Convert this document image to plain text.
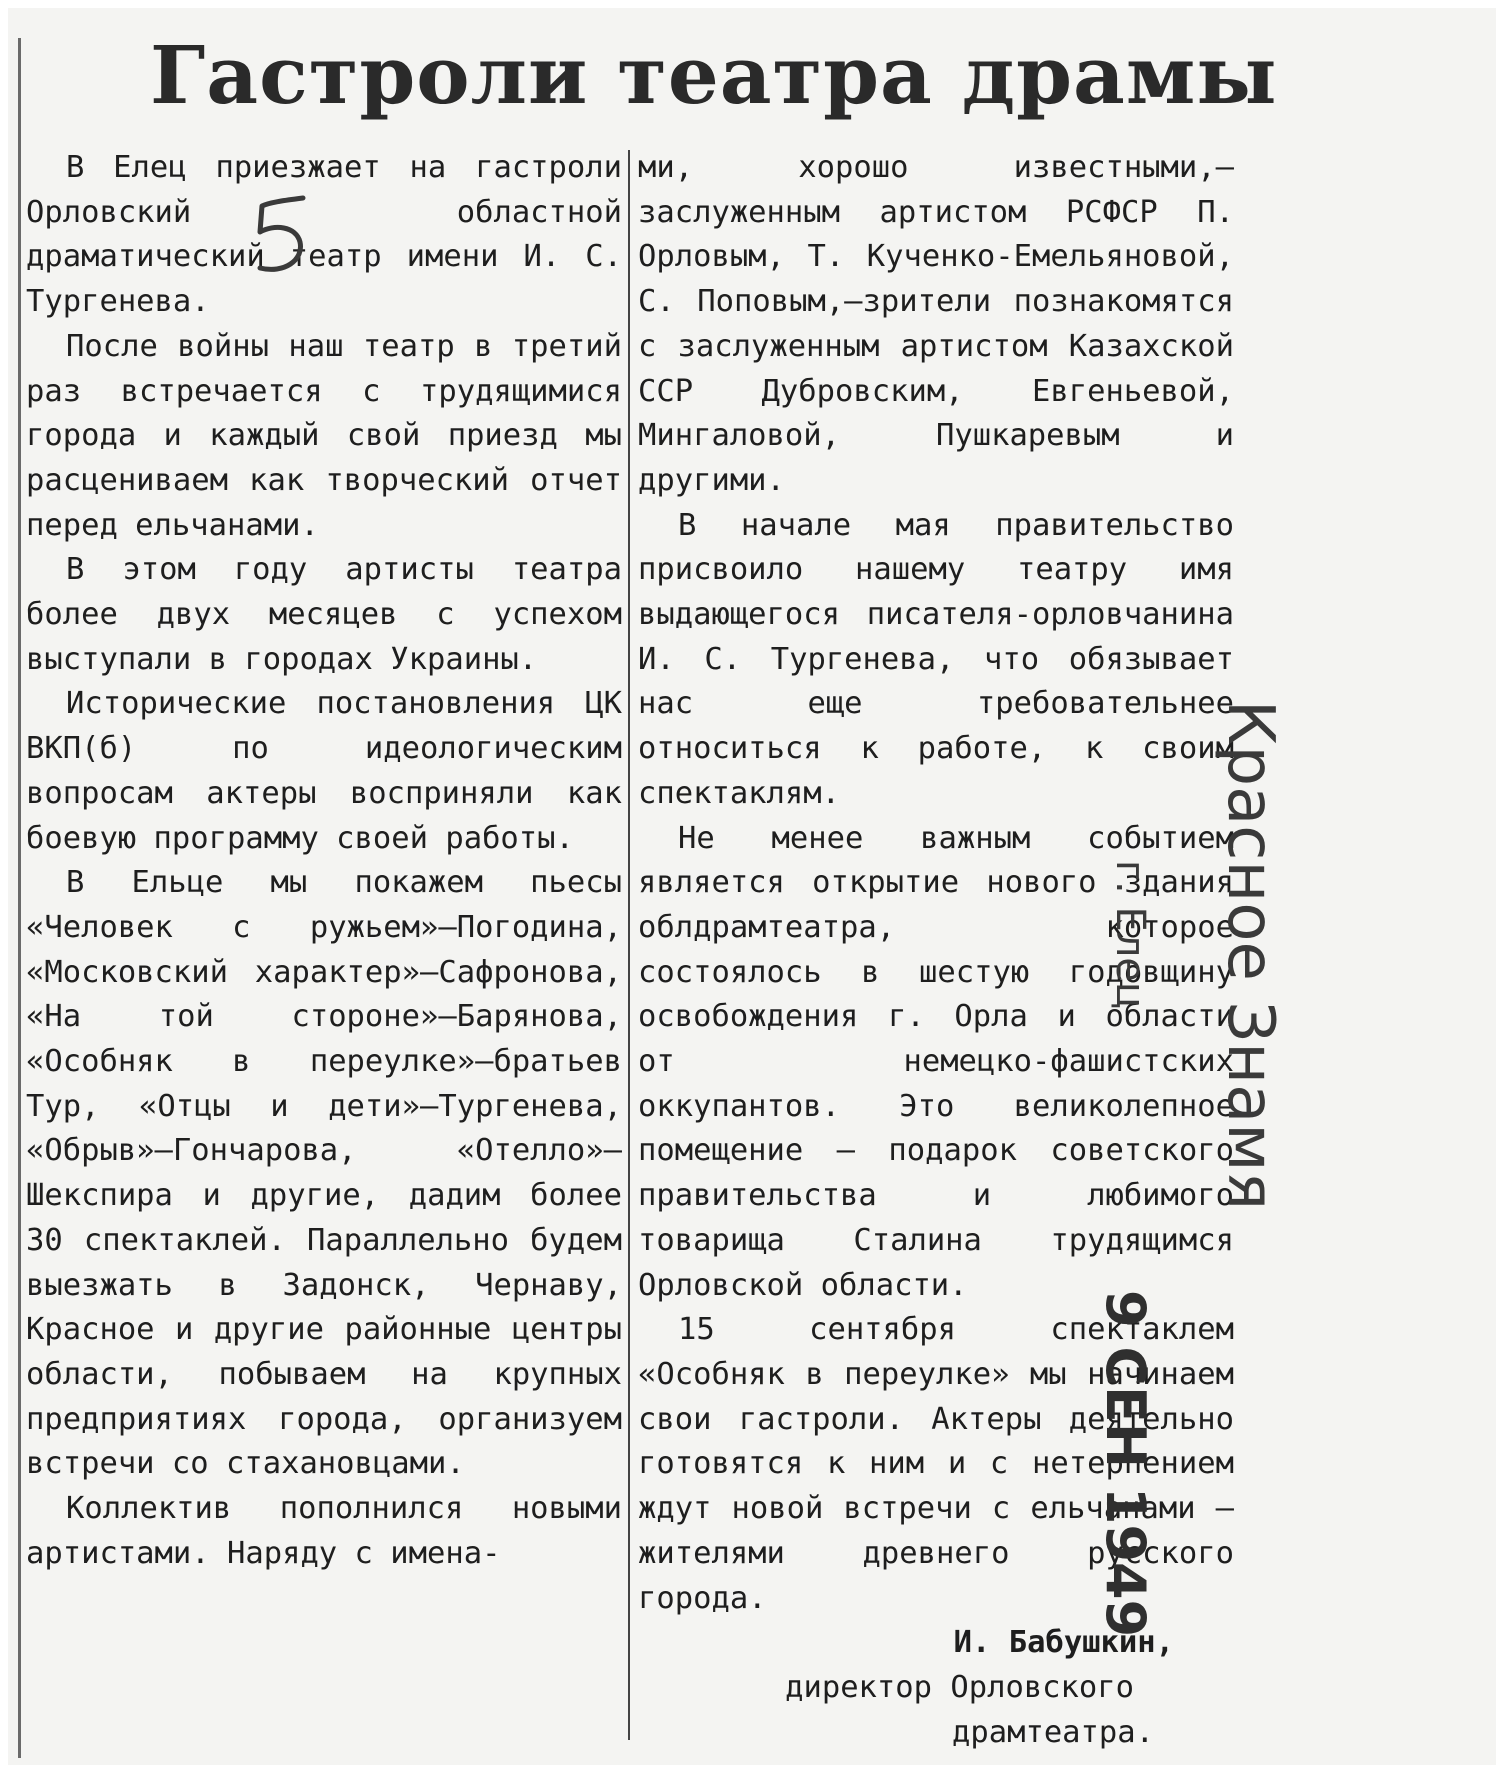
Гастроли театра драмы

В Елец приезжает на гастроли Орловский областной драматический театр имени И. С. Тургенева.

После войны наш театр в третий раз встречается с трудящимися города и каждый свой приезд мы расцениваем как творческий отчет перед ельчанами.

В этом году артисты театра более двух месяцев с успехом выступали в городах Украины.

Исторические постановления ЦК ВКП(б) по идеологическим вопросам актеры восприняли как боевую программу своей работы.

В Ельце мы покажем пьесы «Человек с ружьем»—Погодина, «Московский характер»—Сафронова, «На той стороне»—Барянова, «Особняк в переулке»—братьев Тур, «Отцы и дети»—Тургенева, «Обрыв»—Гончарова, «Отелло»—Шекспира и другие, дадим более 30 спектаклей. Параллельно будем выезжать в Задонск, Чернаву, Красное и другие районные центры области, побываем на крупных предприятиях города, организуем встречи со стахановцами.

Коллектив пополнился новыми артистами. Наряду с имена-

ми, хорошо известными,—заслуженным артистом РСФСР П. Орловым, Т. Кученко-Емельяновой, С. Поповым,—зрители познакомятся с заслуженным артистом Казахской ССР Дубровским, Евгеньевой, Мингаловой, Пушкаревым и другими.

В начале мая правительство присвоило нашему театру имя выдающегося писателя-орловчанина И. С. Тургенева, что обязывает нас еще требовательнее относиться к работе, к своим спектаклям.

Не менее важным событием является открытие нового здания облдрамтеатра, которое состоялось в шестую годовщину освобождения г. Орла и области от немецко-фашистских оккупантов. Это великолепное помещение — подарок советского правительства и любимого товарища Сталина трудящимся Орловской области.

15 сентября спектаклем «Особняк в переулке» мы начинаем свои гастроли. Актеры деятельно готовятся к ним и с нетерпением ждут новой встречи с ельчанами — жителями древнего русского города.

И. Бабушкин,

директор Орловского

драмтеатра.

Красное Знамя
г. Елец
9 СЕН 1949
